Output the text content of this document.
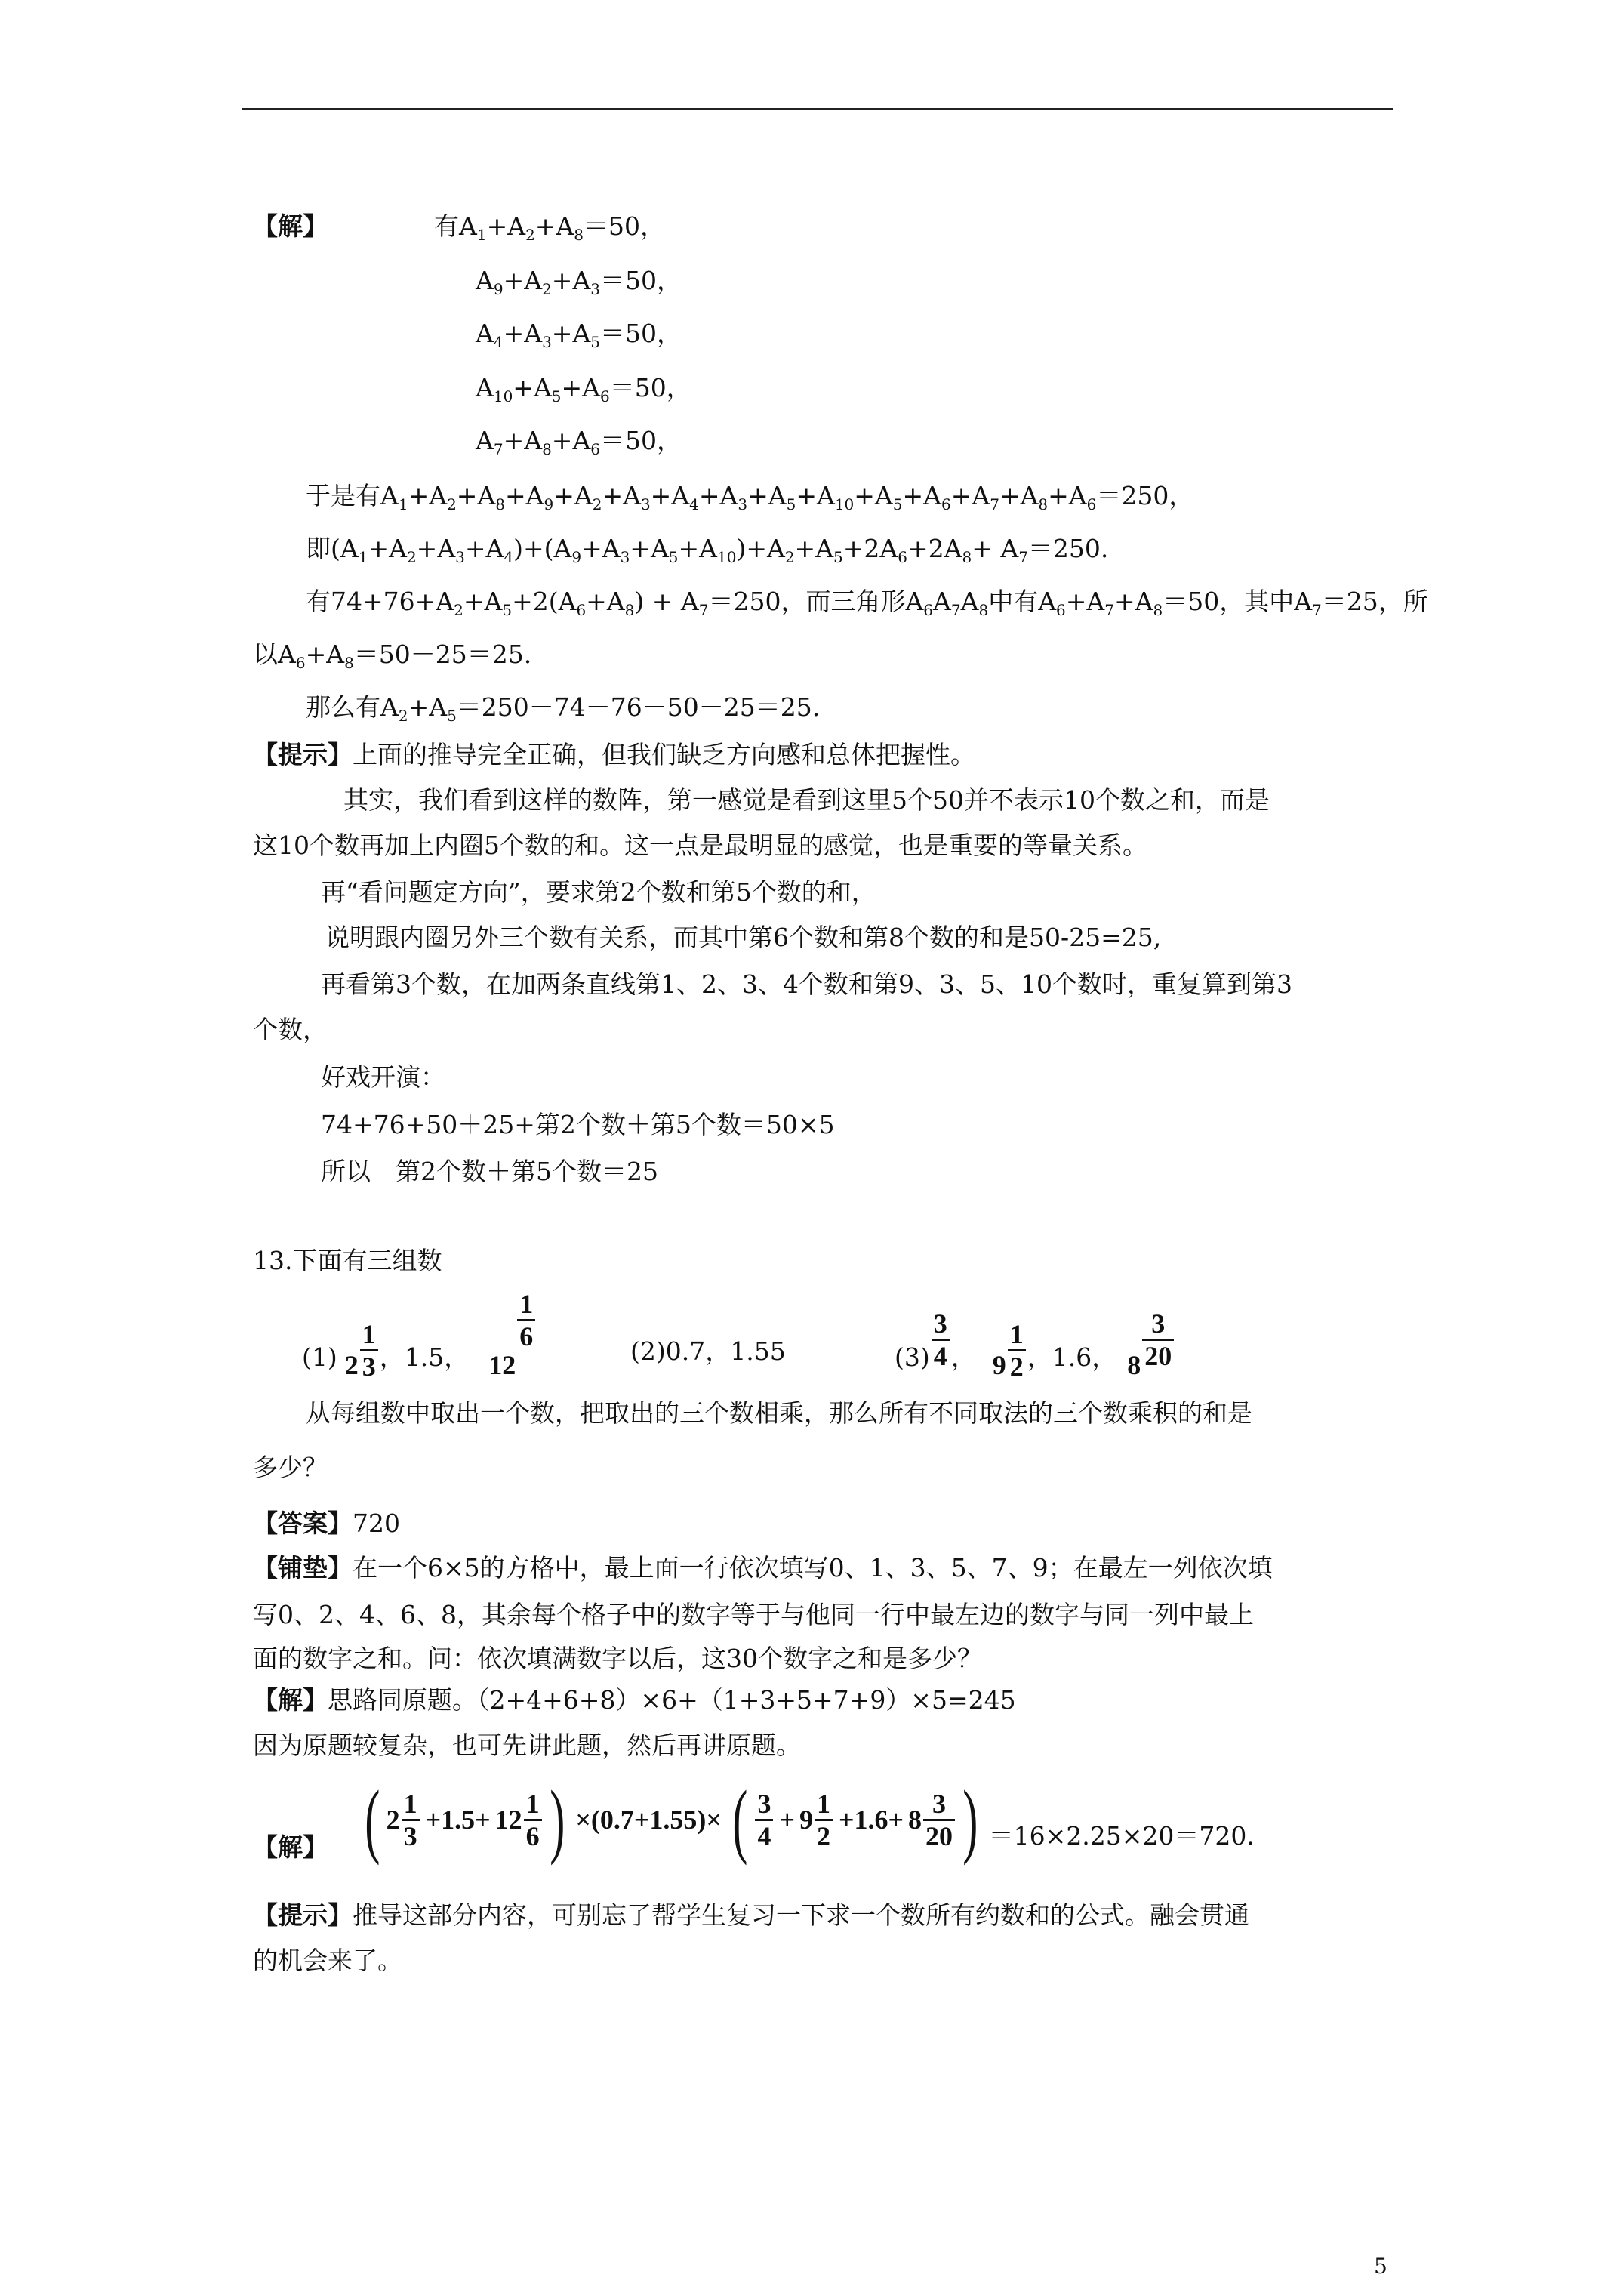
【解】	有$A_1+A_2+A_8=50$，
$A_9+A_2+A_3=50$，
$A_4+A_3+A_5=50$，
$A_{10}+A_5+A_6=50$，
$A_7+A_8+A_6=50$，
于是有$A_1+A_2+A_8+A_9+A_2+A_3+A_4+A_3+A_5+A_{10}+A_5+A_6+A_7+A_8+A_6=250$，
即$(A_1+A_2+A_3+A_4)+(A_9+A_3+A_5+A_{10})+A_2+A_5+2A_6+2A_8+ A_7=250$.
有$74+76+A_2+A_5+2(A_6+A_8) + A_7=250$，而三角形$A_6A_7A_8$中有$A_6+A_7+A_8=50$，其中$A_7=25$，所
以$A_6+A_8=50-25=25$.
那么有$A_2+A_5=250-74-76-50-25=25$.
【提示】上面的推导完全正确，但我们缺乏方向感和总体把握性。
其实，我们看到这样的数阵，第一感觉是看到这里5个50并不表示10个数之和，而是
这10个数再加上内圈5个数的和。这一点是最明显的感觉，也是重要的等量关系。
再“看问题定方向”，要求第2个数和第5个数的和，
说明跟内圈另外三个数有关系，而其中第6个数和第8个数的和是50-25=25,
再看第3个数，在加两条直线第1、2、3、4个数和第9、3、5、10个数时，重复算到第3
个数，
好戏开演：
74+76+50＋25+第2个数＋第5个数＝50×5
所以　第2个数＋第5个数＝25
13.下面有三组数
(1) $2 \frac{1}{3}$ ，1.5， 12
$\frac{1}{6}$	(2)0.7，1.55	$(3) \frac{3}{4}$ ， $9 \frac{1}{2}$ ，1.6， $8 \frac{3}{20}$
从每组数中取出一个数，把取出的三个数相乘，那么所有不同取法的三个数乘积的和是
多少？
【答案】720
【铺垫】在一个6×5的方格中，最上面一行依次填写0、1、3、5、7、9；在最左一列依次填
写0、2、4、6、8，其余每个格子中的数字等于与他同一行中最左边的数字与同一列中最上
面的数字之和。问：依次填满数字以后，这30个数字之和是多少？
【解】思路同原题。（2+4+6+8）×6+（1+3+5+7+9）×5=245
因为原题较复杂，也可先讲此题，然后再讲原题。
【解】 ( $2 \frac{1}{3} +1.5+ 12 \frac{1}{6}$ ) ×(0.7+1.55)× ( $\frac{3}{4} + 9 \frac{1}{2} +1.6+ 8 \frac{3}{20}$ ) ＝16×2.25×20＝720.
【提示】推导这部分内容，可别忘了帮学生复习一下求一个数所有约数和的公式。融会贯通
的机会来了。
5
